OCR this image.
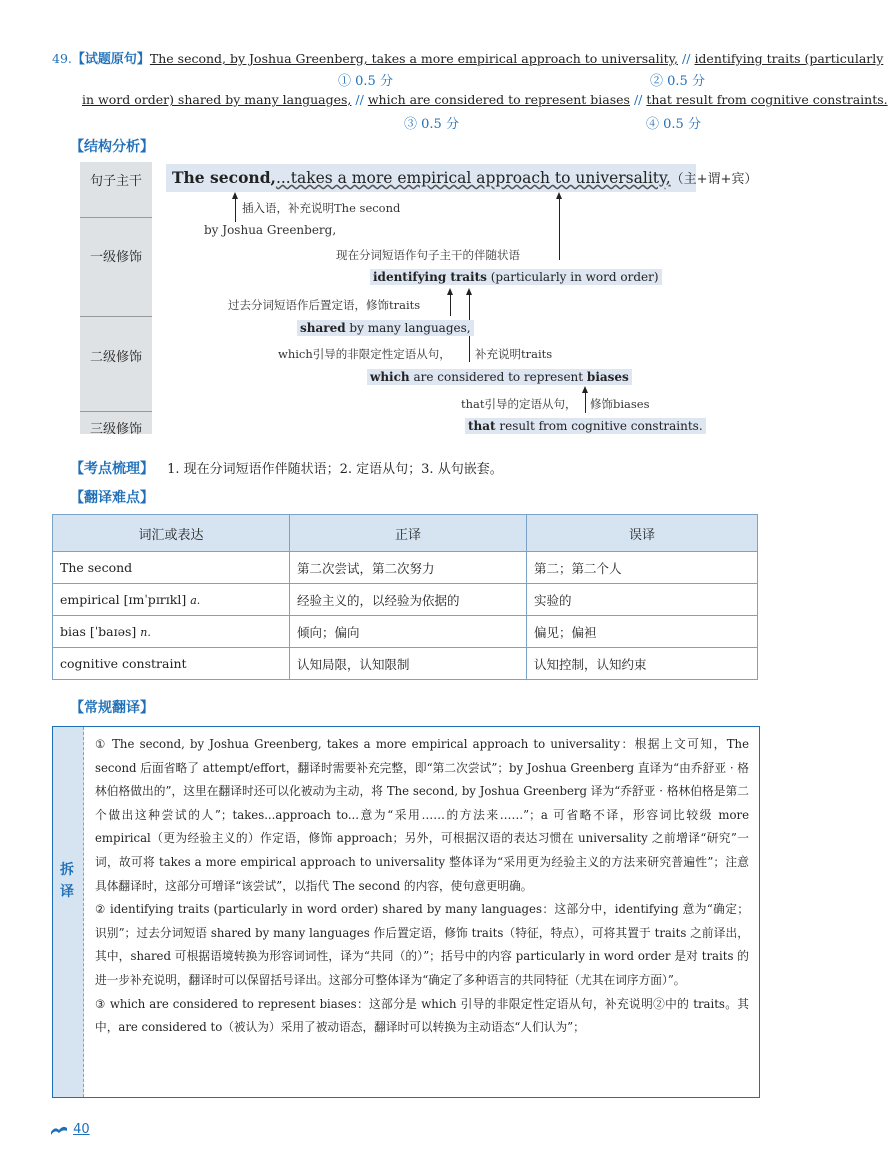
49.【试题原句】The second, by Joshua Greenberg, takes a more empirical approach to universality, // identifying traits (particularly
① 0.5 分	② 0.5 分
in word order) shared by many languages, // which are considered to represent biases // that result from cognitive constraints.
③ 0.5 分	④ 0.5 分
【结构分析】
句子主干
一级修饰
二级修饰
三级修饰
The second,...takes a more empirical approach to universality,（主+谓+宾）
插入语，补充说明The second
by Joshua Greenberg,
现在分词短语作句子主干的伴随状语
identifying traits (particularly in word order)
过去分词短语作后置定语，修饰traits
shared by many languages,
which引导的非限定性定语从句， 补充说明traits
which are considered to represent biases
that引导的定语从句， 修饰biases
that result from cognitive constraints.
【考点梳理】 1. 现在分词短语作伴随状语；2. 定语从句；3. 从句嵌套。
【翻译难点】
词汇或表达	正译	误译
The second	第二次尝试，第二次努力	第二；第二个人
empirical [ɪmˈpɪrɪkl] a.	经验主义的，以经验为依据的	实验的
bias [ˈbaɪəs] n.	倾向；偏向	偏见；偏袒
cognitive constraint	认知局限，认知限制	认知控制，认知约束
【常规翻译】
拆译

① The second, by Joshua Greenberg, takes a more empirical approach to universality：根据上文可知，The second 后面省略了 attempt/effort，翻译时需要补充完整，即“第二次尝试”；by Joshua Greenberg 直译为“由乔舒亚 · 格林伯格做出的”，这里在翻译时还可以化被动为主动，将 The second, by Joshua Greenberg 译为“乔舒亚 · 格林伯格是第二个做出这种尝试的人”；takes...approach to...意为“采用……的方法来……”；a 可省略不译，形容词比较级 more empirical（更为经验主义的）作定语，修饰 approach；另外，可根据汉语的表达习惯在 universality 之前增译“研究”一词，故可将 takes a more empirical approach to universality 整体译为“采用更为经验主义的方法来研究普遍性”；注意具体翻译时，这部分可增译“该尝试”，以指代 The second 的内容，使句意更明确。

② identifying traits (particularly in word order) shared by many languages：这部分中，identifying 意为“确定；识别”；过去分词短语 shared by many languages 作后置定语，修饰 traits（特征，特点），可将其置于 traits 之前译出，其中，shared 可根据语境转换为形容词词性，译为“共同（的）”；括号中的内容 particularly in word order 是对 traits 的进一步补充说明，翻译时可以保留括号译出。这部分可整体译为“确定了多种语言的共同特征（尤其在词序方面）”。

③ which are considered to represent biases：这部分是 which 引导的非限定性定语从句，补充说明②中的 traits。其中，are considered to（被认为）采用了被动语态，翻译时可以转换为主动语态“人们认为”；

40
